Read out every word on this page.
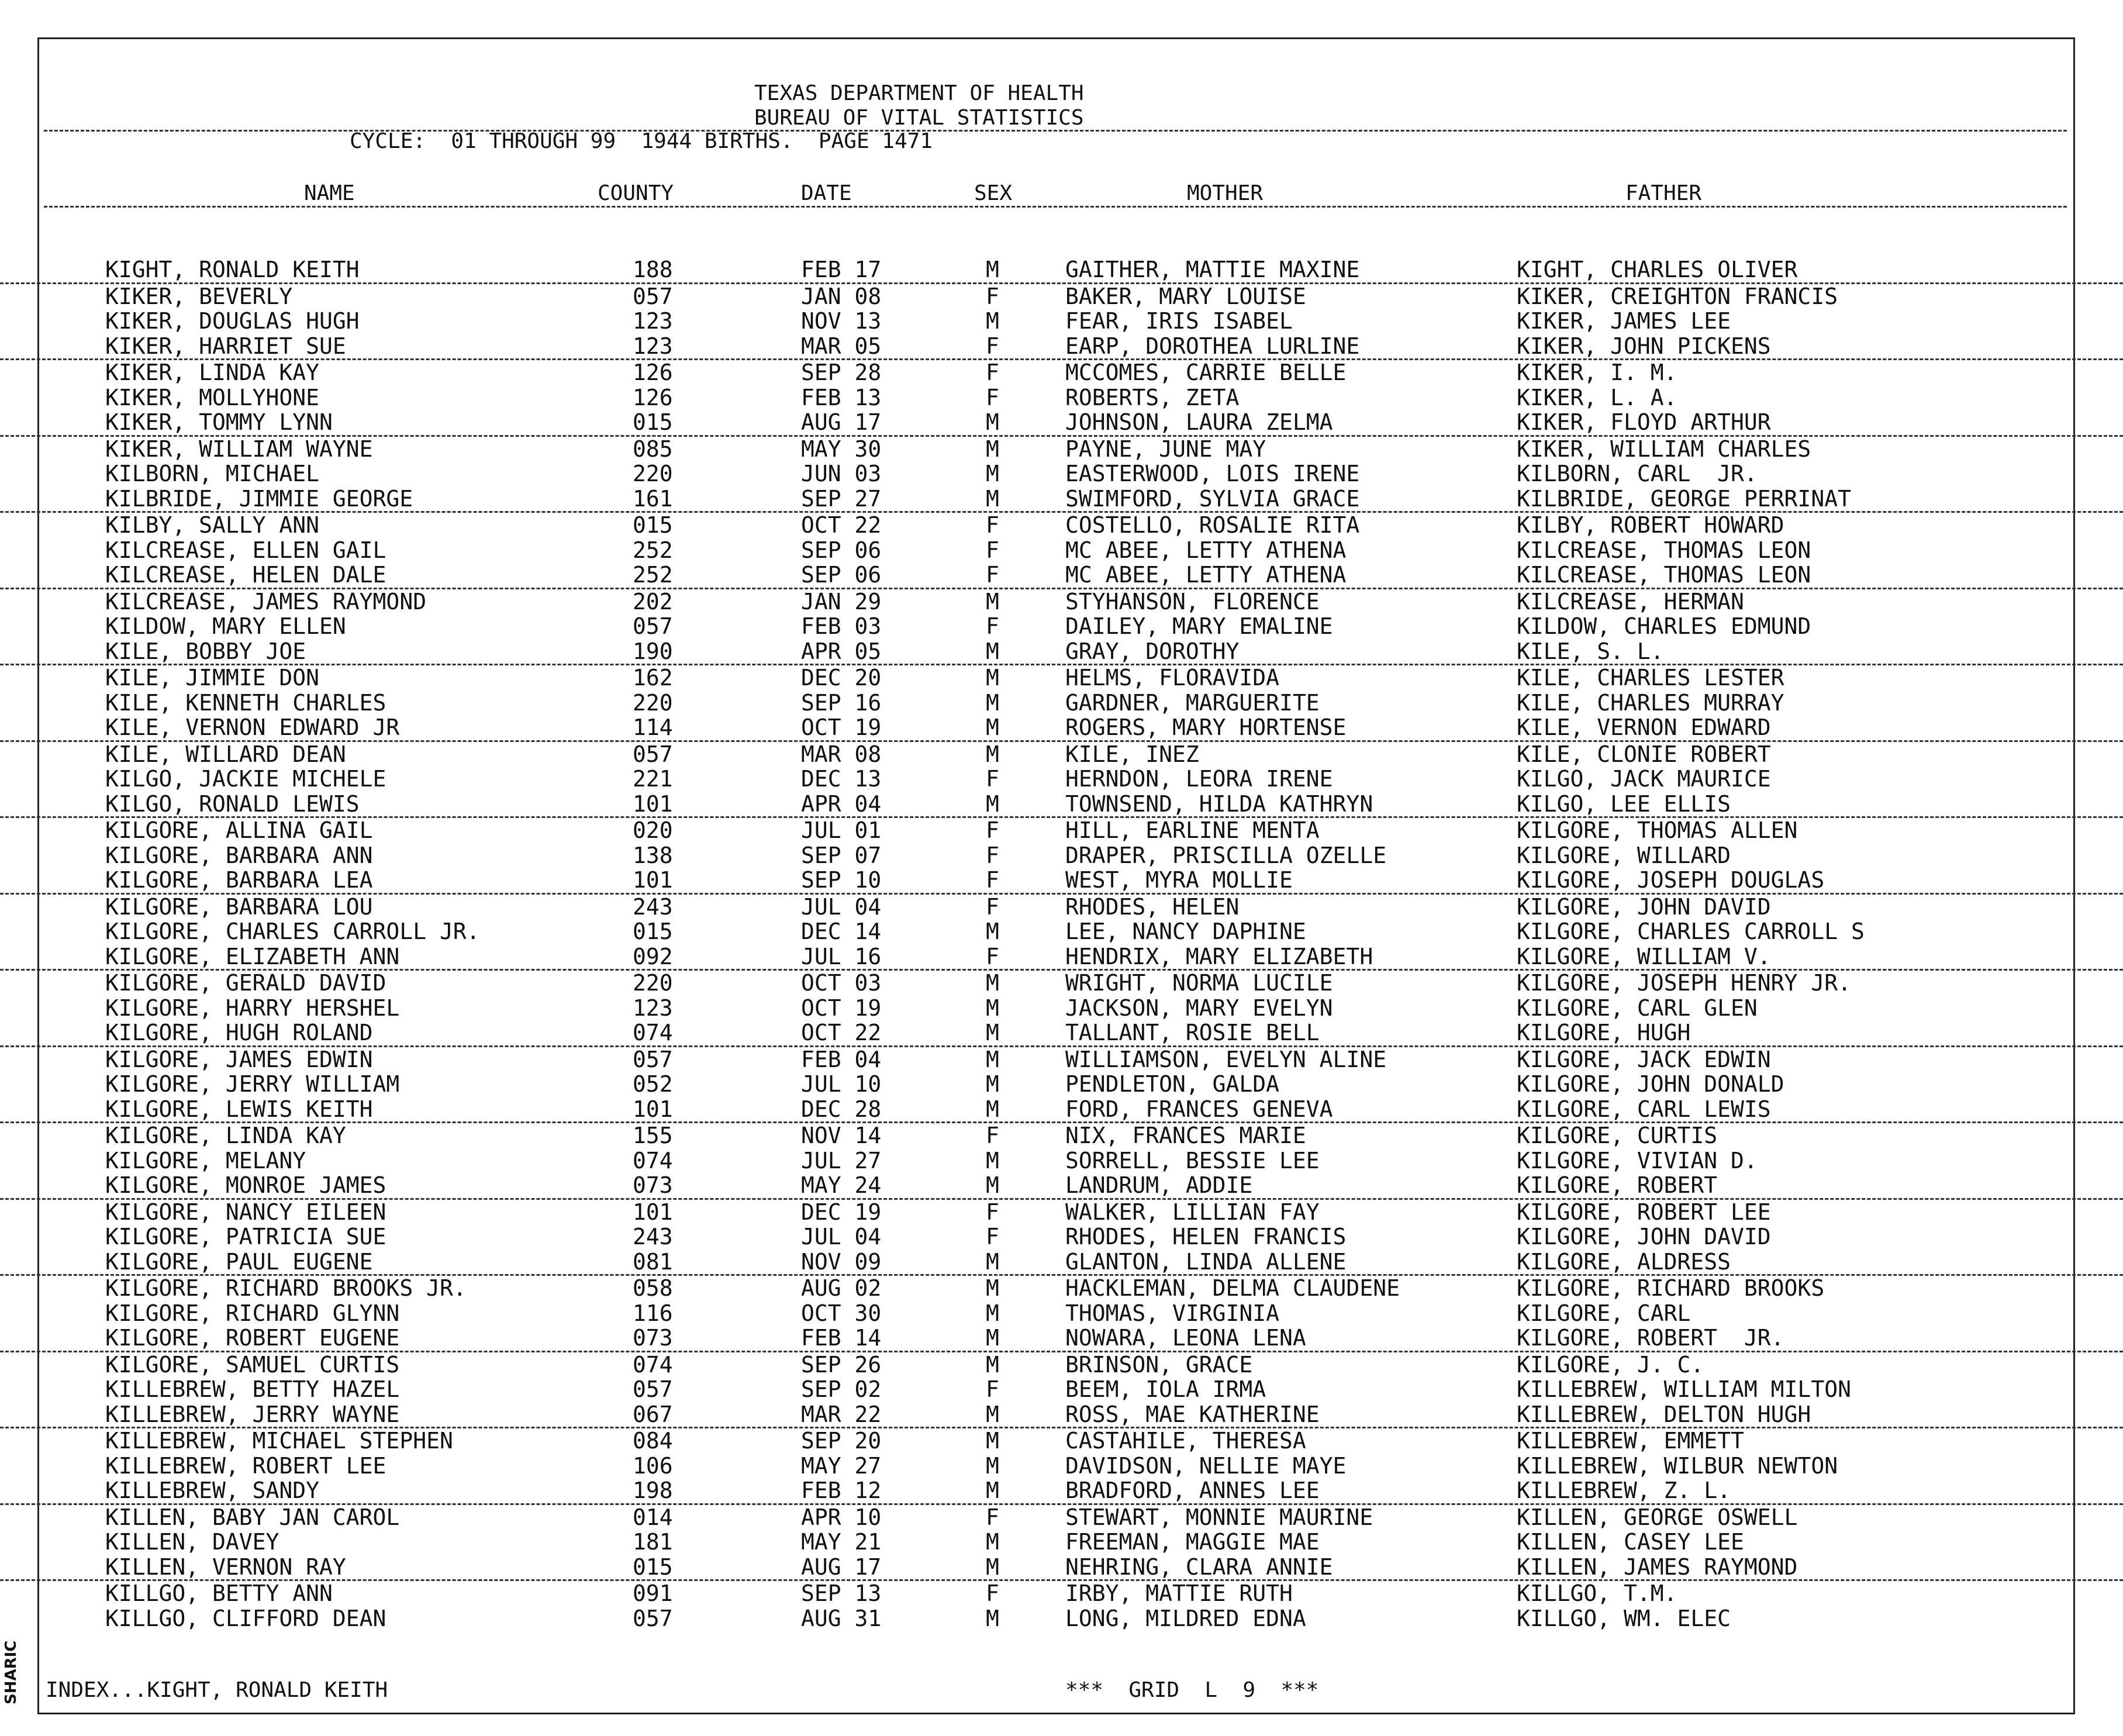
SHARIC
TEXAS DEPARTMENT OF HEALTH
BUREAU OF VITAL STATISTICS
CYCLE:  01 THROUGH 99  1944 BIRTHS.  PAGE 1471
NAME	COUNTY	DATE	SEX	MOTHER	FATHER
KIGHT, RONALD KEITH	188	FEB 17	M	GAITHER, MATTIE MAXINE	KIGHT, CHARLES OLIVER
KIKER, BEVERLY	057	JAN 08	F	BAKER, MARY LOUISE	KIKER, CREIGHTON FRANCIS
KIKER, DOUGLAS HUGH	123	NOV 13	M	FEAR, IRIS ISABEL	KIKER, JAMES LEE
KIKER, HARRIET SUE	123	MAR 05	F	EARP, DOROTHEA LURLINE	KIKER, JOHN PICKENS
KIKER, LINDA KAY	126	SEP 28	F	MCCOMES, CARRIE BELLE	KIKER, I. M.
KIKER, MOLLYHONE	126	FEB 13	F	ROBERTS, ZETA	KIKER, L. A.
KIKER, TOMMY LYNN	015	AUG 17	M	JOHNSON, LAURA ZELMA	KIKER, FLOYD ARTHUR
KIKER, WILLIAM WAYNE	085	MAY 30	M	PAYNE, JUNE MAY	KIKER, WILLIAM CHARLES
KILBORN, MICHAEL	220	JUN 03	M	EASTERWOOD, LOIS IRENE	KILBORN, CARL  JR.
KILBRIDE, JIMMIE GEORGE	161	SEP 27	M	SWIMFORD, SYLVIA GRACE	KILBRIDE, GEORGE PERRINAT
KILBY, SALLY ANN	015	OCT 22	F	COSTELLO, ROSALIE RITA	KILBY, ROBERT HOWARD
KILCREASE, ELLEN GAIL	252	SEP 06	F	MC ABEE, LETTY ATHENA	KILCREASE, THOMAS LEON
KILCREASE, HELEN DALE	252	SEP 06	F	MC ABEE, LETTY ATHENA	KILCREASE, THOMAS LEON
KILCREASE, JAMES RAYMOND	202	JAN 29	M	STYHANSON, FLORENCE	KILCREASE, HERMAN
KILDOW, MARY ELLEN	057	FEB 03	F	DAILEY, MARY EMALINE	KILDOW, CHARLES EDMUND
KILE, BOBBY JOE	190	APR 05	M	GRAY, DOROTHY	KILE, S. L.
KILE, JIMMIE DON	162	DEC 20	M	HELMS, FLORAVIDA	KILE, CHARLES LESTER
KILE, KENNETH CHARLES	220	SEP 16	M	GARDNER, MARGUERITE	KILE, CHARLES MURRAY
KILE, VERNON EDWARD JR	114	OCT 19	M	ROGERS, MARY HORTENSE	KILE, VERNON EDWARD
KILE, WILLARD DEAN	057	MAR 08	M	KILE, INEZ	KILE, CLONIE ROBERT
KILGO, JACKIE MICHELE	221	DEC 13	F	HERNDON, LEORA IRENE	KILGO, JACK MAURICE
KILGO, RONALD LEWIS	101	APR 04	M	TOWNSEND, HILDA KATHRYN	KILGO, LEE ELLIS
KILGORE, ALLINA GAIL	020	JUL 01	F	HILL, EARLINE MENTA	KILGORE, THOMAS ALLEN
KILGORE, BARBARA ANN	138	SEP 07	F	DRAPER, PRISCILLA OZELLE	KILGORE, WILLARD
KILGORE, BARBARA LEA	101	SEP 10	F	WEST, MYRA MOLLIE	KILGORE, JOSEPH DOUGLAS
KILGORE, BARBARA LOU	243	JUL 04	F	RHODES, HELEN	KILGORE, JOHN DAVID
KILGORE, CHARLES CARROLL JR.	015	DEC 14	M	LEE, NANCY DAPHINE	KILGORE, CHARLES CARROLL S
KILGORE, ELIZABETH ANN	092	JUL 16	F	HENDRIX, MARY ELIZABETH	KILGORE, WILLIAM V.
KILGORE, GERALD DAVID	220	OCT 03	M	WRIGHT, NORMA LUCILE	KILGORE, JOSEPH HENRY JR.
KILGORE, HARRY HERSHEL	123	OCT 19	M	JACKSON, MARY EVELYN	KILGORE, CARL GLEN
KILGORE, HUGH ROLAND	074	OCT 22	M	TALLANT, ROSIE BELL	KILGORE, HUGH
KILGORE, JAMES EDWIN	057	FEB 04	M	WILLIAMSON, EVELYN ALINE	KILGORE, JACK EDWIN
KILGORE, JERRY WILLIAM	052	JUL 10	M	PENDLETON, GALDA	KILGORE, JOHN DONALD
KILGORE, LEWIS KEITH	101	DEC 28	M	FORD, FRANCES GENEVA	KILGORE, CARL LEWIS
KILGORE, LINDA KAY	155	NOV 14	F	NIX, FRANCES MARIE	KILGORE, CURTIS
KILGORE, MELANY	074	JUL 27	M	SORRELL, BESSIE LEE	KILGORE, VIVIAN D.
KILGORE, MONROE JAMES	073	MAY 24	M	LANDRUM, ADDIE	KILGORE, ROBERT
KILGORE, NANCY EILEEN	101	DEC 19	F	WALKER, LILLIAN FAY	KILGORE, ROBERT LEE
KILGORE, PATRICIA SUE	243	JUL 04	F	RHODES, HELEN FRANCIS	KILGORE, JOHN DAVID
KILGORE, PAUL EUGENE	081	NOV 09	M	GLANTON, LINDA ALLENE	KILGORE, ALDRESS
KILGORE, RICHARD BROOKS JR.	058	AUG 02	M	HACKLEMAN, DELMA CLAUDENE	KILGORE, RICHARD BROOKS
KILGORE, RICHARD GLYNN	116	OCT 30	M	THOMAS, VIRGINIA	KILGORE, CARL
KILGORE, ROBERT EUGENE	073	FEB 14	M	NOWARA, LEONA LENA	KILGORE, ROBERT  JR.
KILGORE, SAMUEL CURTIS	074	SEP 26	M	BRINSON, GRACE	KILGORE, J. C.
KILLEBREW, BETTY HAZEL	057	SEP 02	F	BEEM, IOLA IRMA	KILLEBREW, WILLIAM MILTON
KILLEBREW, JERRY WAYNE	067	MAR 22	M	ROSS, MAE KATHERINE	KILLEBREW, DELTON HUGH
KILLEBREW, MICHAEL STEPHEN	084	SEP 20	M	CASTAHILE, THERESA	KILLEBREW, EMMETT
KILLEBREW, ROBERT LEE	106	MAY 27	M	DAVIDSON, NELLIE MAYE	KILLEBREW, WILBUR NEWTON
KILLEBREW, SANDY	198	FEB 12	M	BRADFORD, ANNES LEE	KILLEBREW, Z. L.
KILLEN, BABY JAN CAROL	014	APR 10	F	STEWART, MONNIE MAURINE	KILLEN, GEORGE OSWELL
KILLEN, DAVEY	181	MAY 21	M	FREEMAN, MAGGIE MAE	KILLEN, CASEY LEE
KILLEN, VERNON RAY	015	AUG 17	M	NEHRING, CLARA ANNIE	KILLEN, JAMES RAYMOND
KILLGO, BETTY ANN	091	SEP 13	F	IRBY, MATTIE RUTH	KILLGO, T.M.
KILLGO, CLIFFORD DEAN	057	AUG 31	M	LONG, MILDRED EDNA	KILLGO, WM. ELEC
INDEX...KIGHT, RONALD KEITH	***  GRID  L  9  ***
